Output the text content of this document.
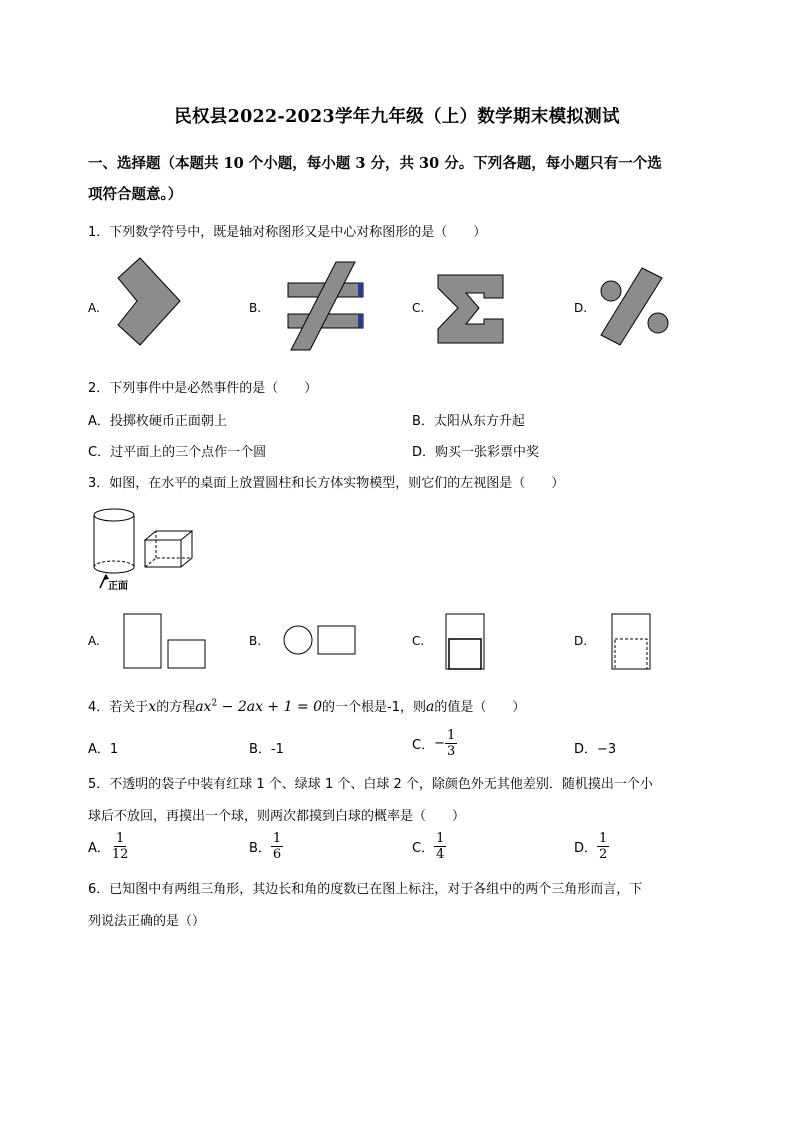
民权县2022-2023学年九年级（上）数学期末模拟测试
一、选择题（本题共 10 个小题，每小题 3 分，共 30 分。下列各题，每小题只有一个选
项符合题意。）
1．下列数学符号中，既是轴对称图形又是中心对称图形的是（　　）
A.	B.	C.	D.
2．下列事件中是必然事件的是（　　）
A．投掷枚硬币正面朝上	B．太阳从东方升起
C．过平面上的三个点作一个圆	D．购买一张彩票中奖
3．如图，在水平的桌面上放置圆柱和长方体实物模型，则它们的左视图是（　　）
正面
A.	B.	C.	D.
4．若关于x的方程$ax^2 - 2ax + 1 = 0$的一个根是-1，则a的值是（　　）
A．1	B．-1	C． − $\frac{1}{3}$	D．−3
5．不透明的袋子中装有红球 1 个、绿球 1 个、白球 2 个，除颜色外无其他差别．随机摸出一个小
球后不放回，再摸出一个球，则两次都摸到白球的概率是（　　）
A． $\frac{1}{12}$	B． $\frac{1}{6}$	C． $\frac{1}{4}$	D． $\frac{1}{2}$
6．已知图中有两组三角形，其边长和角的度数已在图上标注，对于各组中的两个三角形而言，下
列说法正确的是（）
